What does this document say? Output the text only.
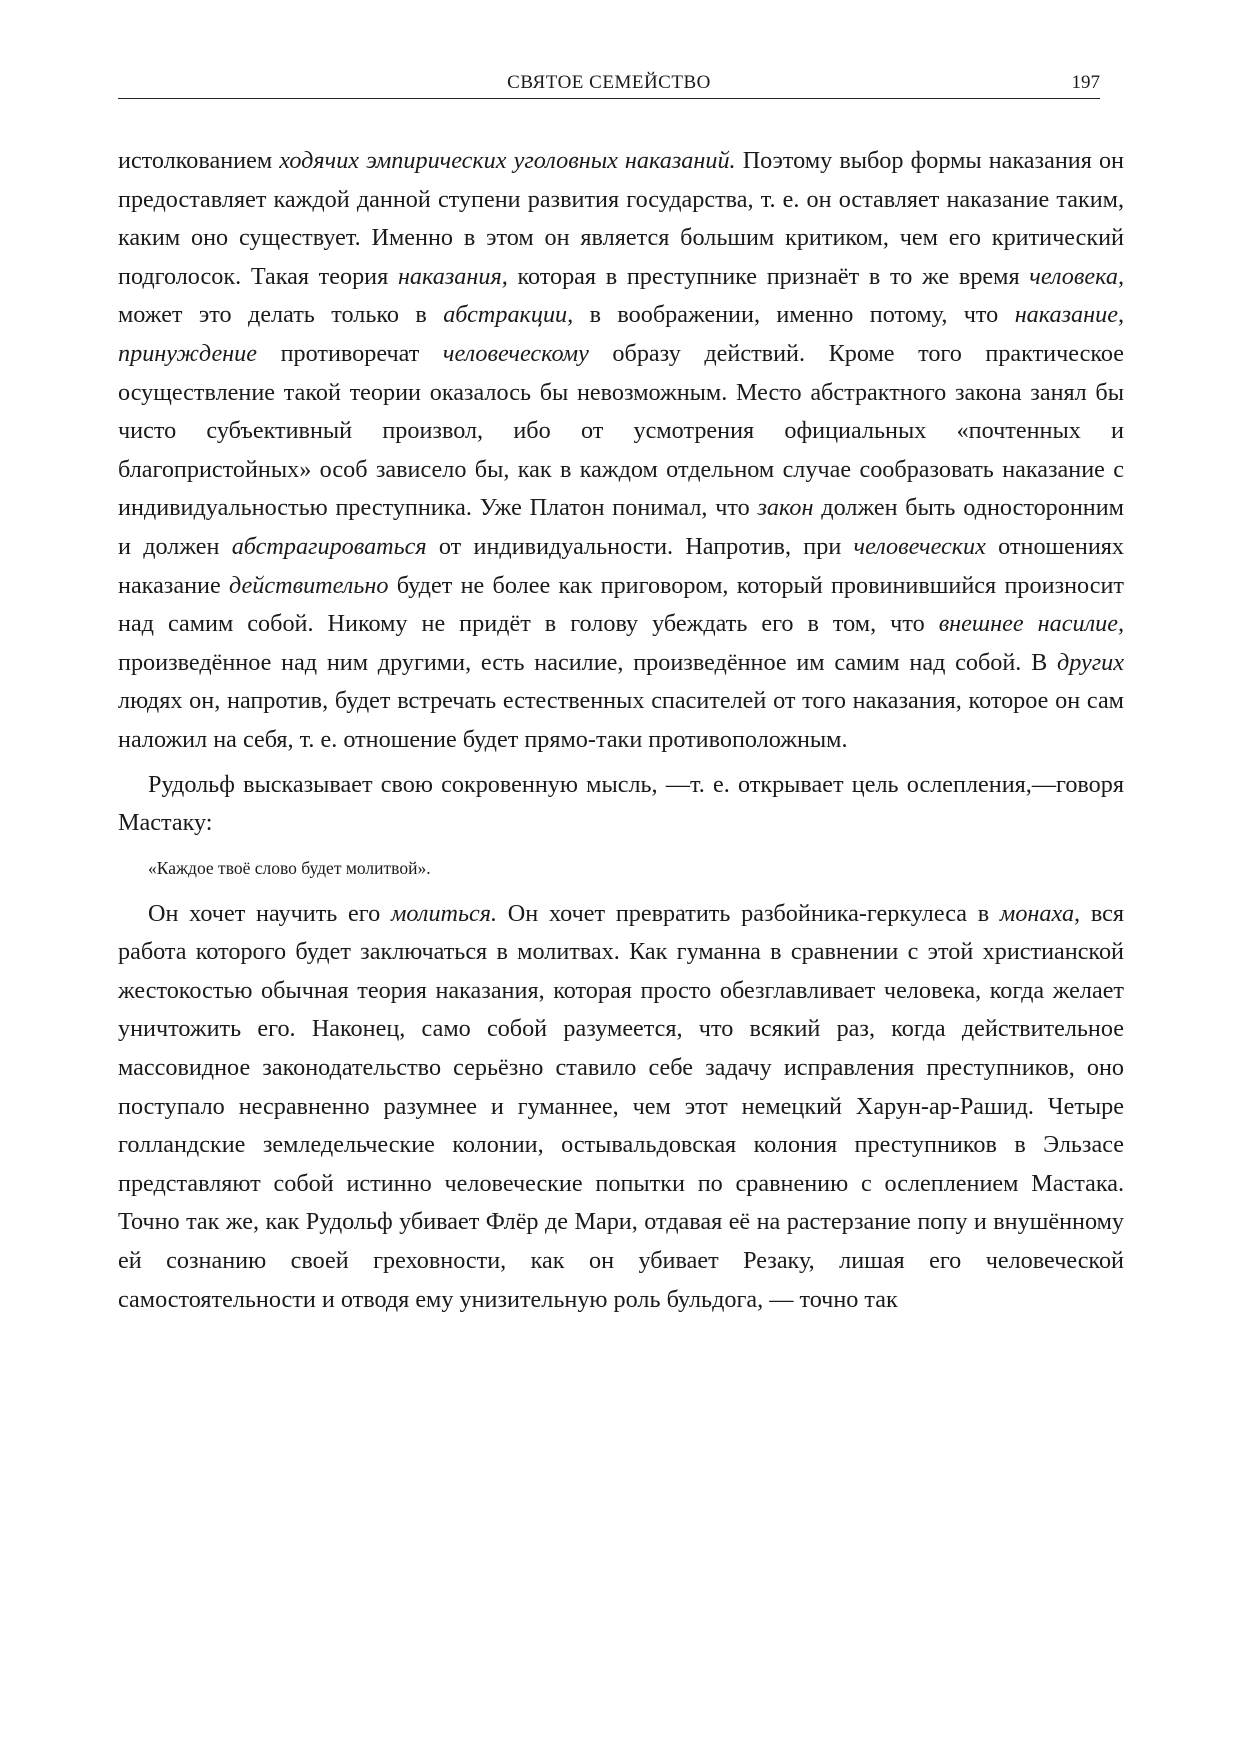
СВЯТОЕ СЕМЕЙСТВО	197

истолкованием ходячих эмпирических уголовных наказаний. Поэтому выбор формы наказания он предоставляет каждой данной ступени развития государства, т. е. он оставляет наказание таким, каким оно существует. Именно в этом он является большим критиком, чем его критический подголосок. Такая теория наказания, которая в преступнике признаёт в то же время человека, может это делать только в абстракции, в воображении, именно потому, что наказание, принуждение противоречат человеческому образу действий. Кроме того практическое осуществление такой теории оказалось бы невозможным. Место абстрактного закона занял бы чисто субъективный произвол, ибо от усмотрения официальных «почтенных и благопристойных» особ зависело бы, как в каждом отдельном случае сообразовать наказание с индивидуальностью преступника. Уже Платон понимал, что закон должен быть односторонним и должен абстрагироваться от индивидуальности. Напротив, при человеческих отношениях наказание действительно будет не более как приговором, который провинившийся произносит над самим собой. Никому не придёт в голову убеждать его в том, что внешнее насилие, произведённое над ним другими, есть насилие, произведённое им самим над собой. В других людях он, напротив, будет встречать естественных спасителей от того наказания, которое он сам наложил на себя, т. е. отношение будет прямо-таки противоположным.

Рудольф высказывает свою сокровенную мысль, —т. е. открывает цель ослепления,—говоря Мастаку:

«Каждое твоё слово будет молитвой».

Он хочет научить его молиться. Он хочет превратить разбойника-геркулеса в монаха, вся работа которого будет заключаться в молитвах. Как гуманна в сравнении с этой христианской жестокостью обычная теория наказания, которая просто обезглавливает человека, когда желает уничтожить его. Наконец, само собой разумеется, что всякий раз, когда действительное массовидное законодательство серьёзно ставило себе задачу исправления преступников, оно поступало несравненно разумнее и гуманнее, чем этот немецкий Харун-ар-Рашид. Четыре голландские земледельческие колонии, остывальдовская колония преступников в Эльзасе представляют собой истинно человеческие попытки по сравнению с ослеплением Мастака. Точно так же, как Рудольф убивает Флёр де Мари, отдавая её на растерзание попу и внушённому ей сознанию своей греховности, как он убивает Резаку, лишая его человеческой самостоятельности и отводя ему унизительную роль бульдога, — точно так
